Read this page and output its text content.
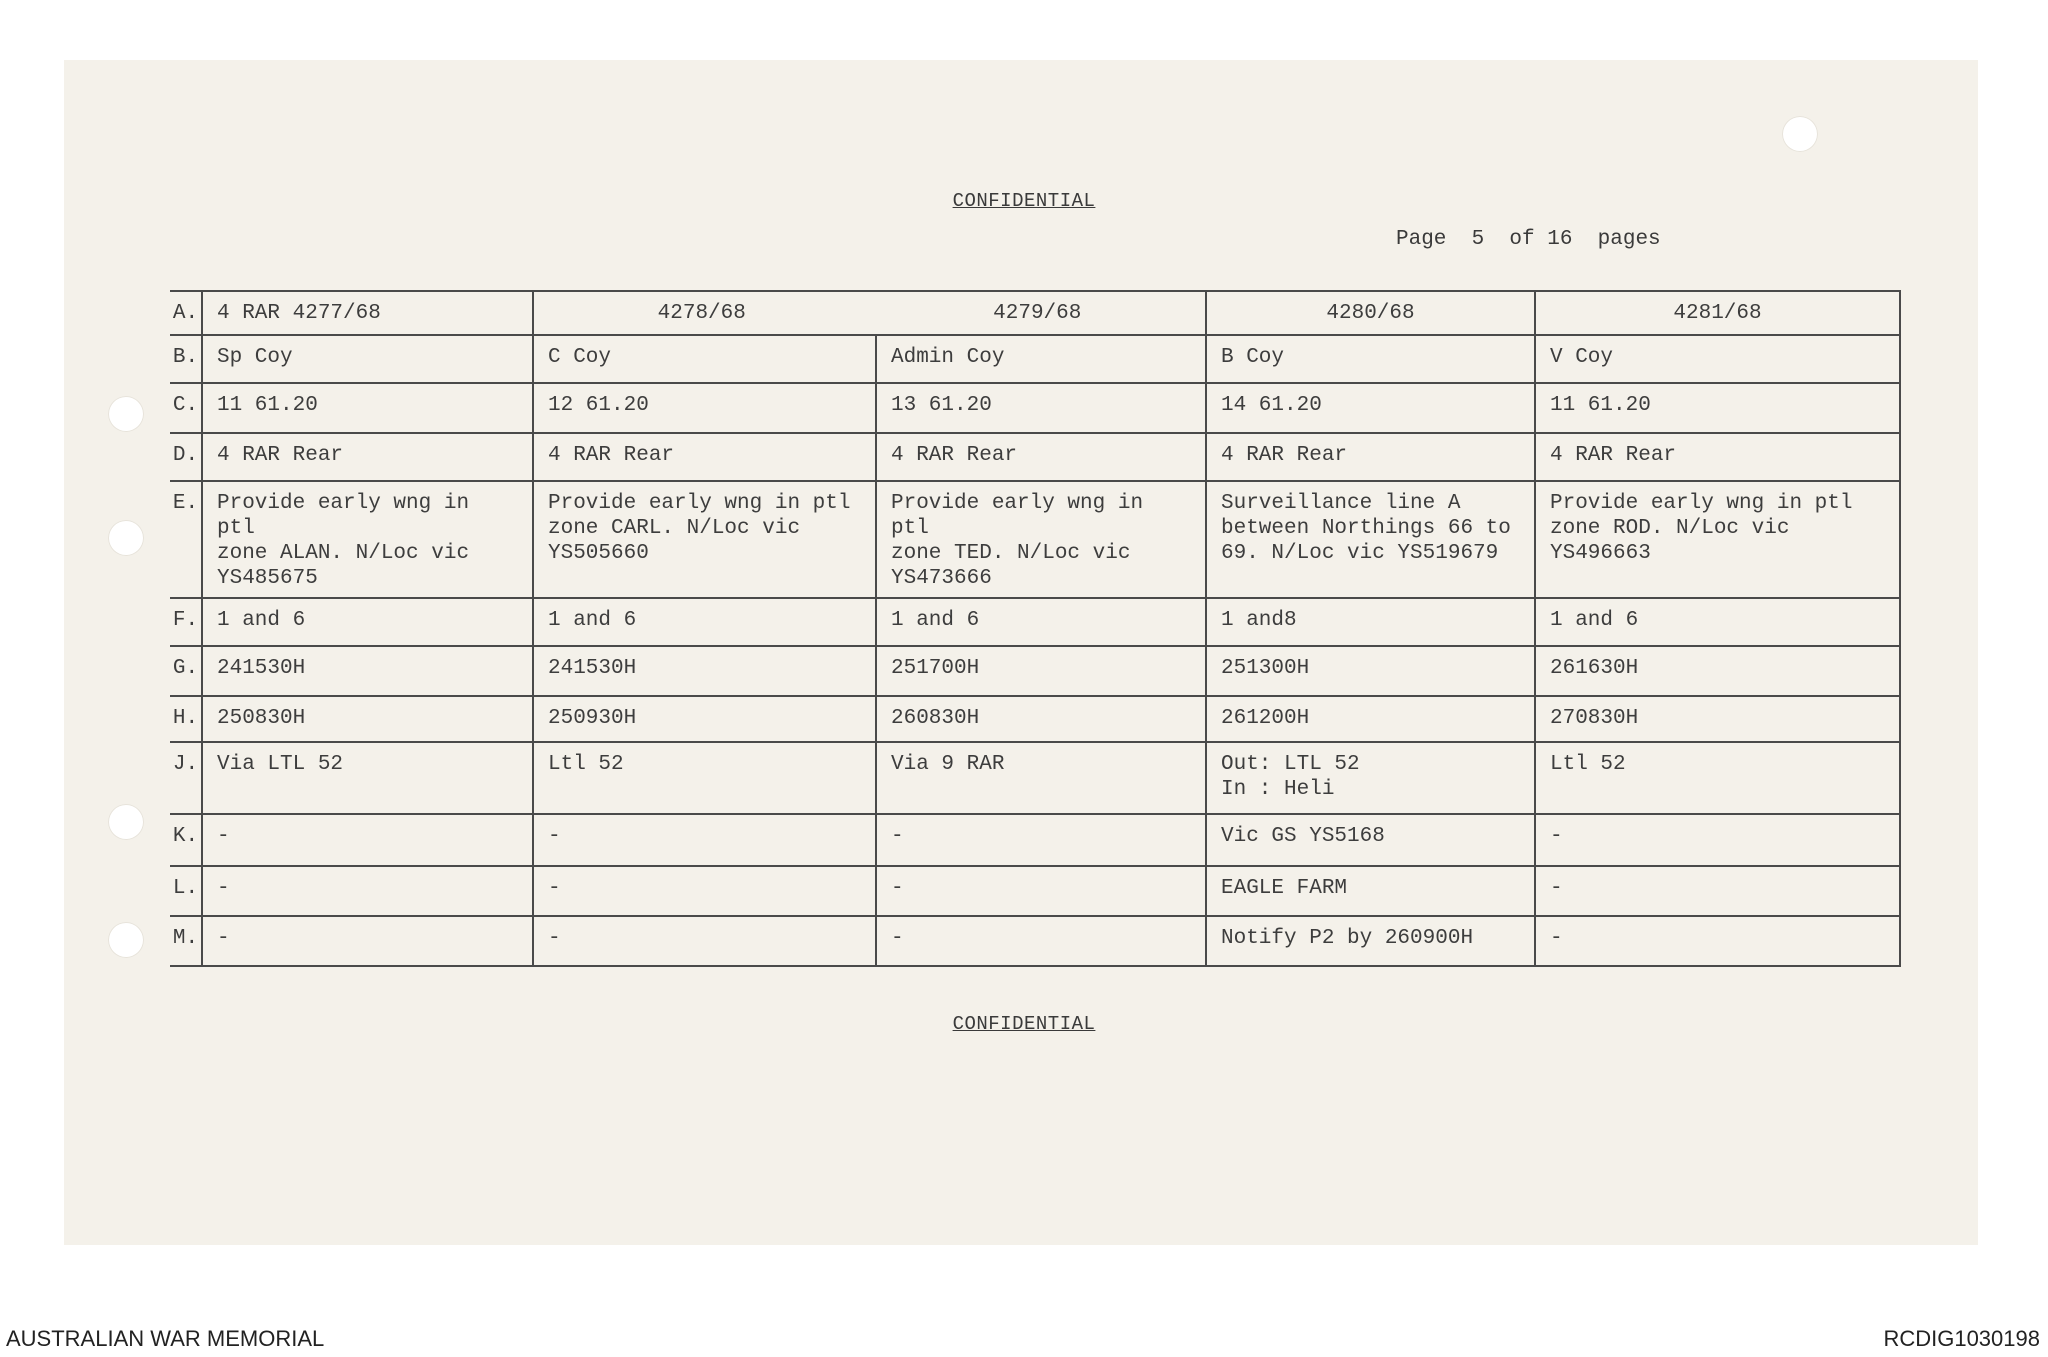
CONFIDENTIAL
Page  5  of 16  pages
A.	4 RAR 4277/68	4278/68 4279/68		4280/68	4281/68
B.	Sp Coy	C Coy	Admin Coy	B Coy	V Coy
C.	11 61.20	12 61.20	13 61.20	14 61.20	11 61.20
D.	4 RAR Rear	4 RAR Rear	4 RAR Rear	4 RAR Rear	4 RAR Rear
E.	Provide early wng in ptl
zone ALAN. N/Loc vic
YS485675	Provide early wng in ptl
zone CARL. N/Loc vic
YS505660	Provide early wng in ptl
zone TED. N/Loc vic
YS473666	Surveillance line A
between Northings 66 to
69. N/Loc vic YS519679	Provide early wng in ptl
zone ROD. N/Loc vic
YS496663
F.	1 and 6	1 and 6	1 and 6	1 and8	1 and 6
G.	241530H	241530H	251700H	251300H	261630H
H.	250830H	250930H	260830H	261200H	270830H
J.	Via LTL 52	Ltl 52	Via 9 RAR	Out: LTL 52
In : Heli	Ltl 52
K.	-	-	-	Vic GS YS5168	-
L.	-	-	-	EAGLE FARM	-
M.	-	-	-	Notify P2 by 260900H	-
CONFIDENTIAL
AUSTRALIAN WAR MEMORIAL	RCDIG1030198
